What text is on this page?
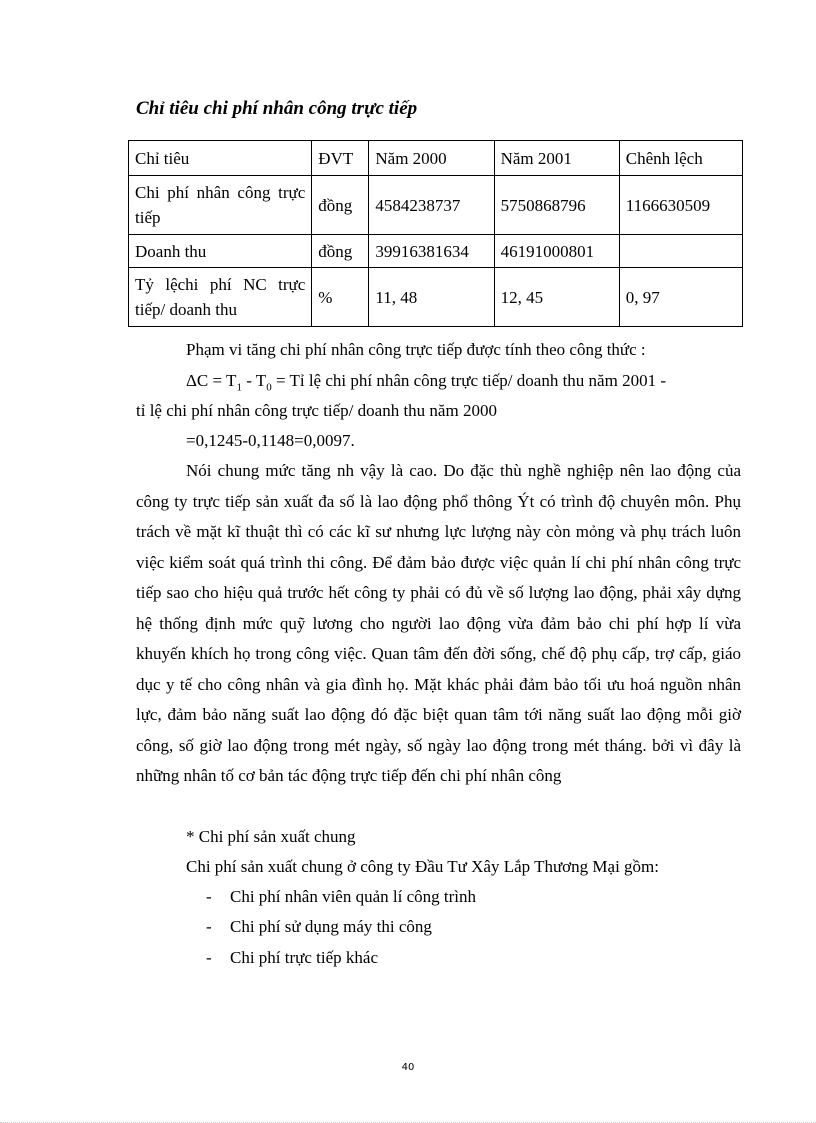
Chỉ tiêu chi phí nhân công trực tiếp
Chỉ tiêu	ĐVT	Năm 2000	Năm 2001	Chênh lệch
Chi phí nhân công trực tiếp	đồng	4584238737	5750868796	1166630509
Doanh thu	đồng	39916381634	46191000801	
Tỷ lệchi phí NC trực tiếp/ doanh thu	%	11, 48	12, 45	0, 97
Phạm vi tăng chi phí nhân công trực tiếp được tính theo công thức :
$\Delta C = T_1 - T_0$ = Tỉ lệ chi phí nhân công trực tiếp/ doanh thu năm 2001 -
tỉ lệ chi phí nhân công trực tiếp/ doanh thu năm 2000
=0,1245-0,1148=0,0097.
Nói chung mức tăng nh vậy là cao. Do đặc thù nghề nghiệp nên lao động của công ty trực tiếp sản xuất đa số là lao động phổ thông Ýt có trình độ chuyên môn. Phụ trách về mặt kĩ thuật thì có các kĩ sư nhưng lực lượng này còn mỏng và phụ trách luôn việc kiểm soát quá trình thi công. Để đảm bảo được việc quản lí chi phí nhân công trực tiếp sao cho hiệu quả trước hết công ty phải có đủ về số lượng lao động, phải xây dựng hệ thống định mức quỹ lương cho người lao động vừa đảm bảo chi phí hợp lí vừa khuyến khích họ trong công việc. Quan tâm đến đời sống, chế độ phụ cấp, trợ cấp, giáo dục y tế cho công nhân và gia đình họ. Mặt khác phải đảm bảo tối ưu hoá nguồn nhân lực, đảm bảo năng suất lao động đó đặc biệt quan tâm tới năng suất lao động mỗi giờ công, số giờ lao động trong mét ngày, số ngày lao động trong mét tháng. bởi vì đây là những nhân tố cơ bản tác động trực tiếp đến chi phí nhân công
* Chi phí sản xuất chung
Chi phí sản xuất chung ở công ty Đầu Tư Xây Lắp Thương Mại gồm:
- Chi phí nhân viên quản lí công trình
- Chi phí sử dụng máy thi công
- Chi phí trực tiếp khác
40
